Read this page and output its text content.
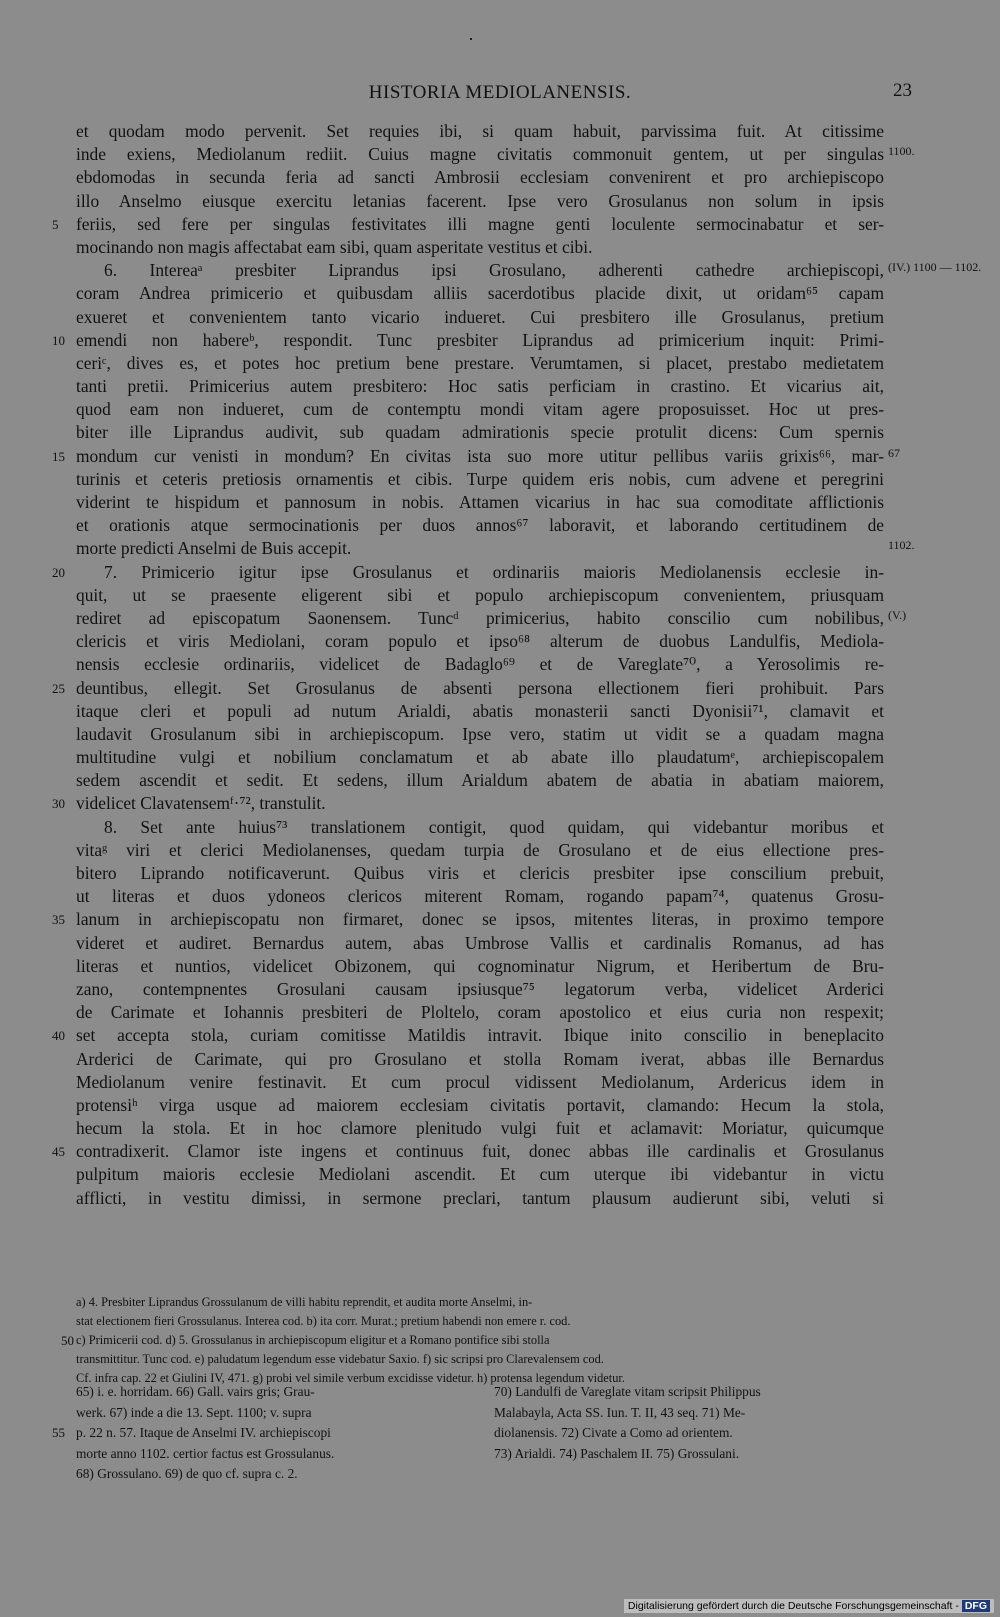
HISTORIA MEDIOLANENSIS.	23
et quodam modo pervenit. Set requies ibi, si quam habuit, parvissima fuit. At citissime
inde exiens, Mediolanum rediit. Cuius magne civitatis commonuit gentem, ut per singulas 1100.
ebdomodas in secunda feria ad sancti Ambrosii ecclesiam convenirent et pro archiepiscopo
illo Anselmo eiusque exercitu letanias facerent. Ipse vero Grosulanus non solum in ipsis
5	feriis, sed fere per singulas festivitates illi magne genti loculente sermocinabatur et ser-
mocinando non magis affectabat eam sibi, quam asperitate vestitus et cibi.
6. Intereaᵃ presbiter Liprandus ipsi Grosulano, adherenti cathedre archiepiscopi, (IV.) 1100 — 1102.
coram Andrea primicerio et quibusdam alliis sacerdotibus placide dixit, ut oridam⁶⁵ capam
exueret et convenientem tanto vicario indueret. Cui presbitero ille Grosulanus, pretium
10 emendi non habereᵇ, respondit. Tunc presbiter Liprandus ad primicerium inquit: Primi-
ceriᶜ, dives es, et potes hoc pretium bene prestare. Verumtamen, si placet, prestabo medietatem
tanti pretii. Primicerius autem presbitero: Hoc satis perficiam in crastino. Et vicarius ait,
quod eam non indueret, cum de contemptu mondi vitam agere proposuisset. Hoc ut pres-
biter ille Liprandus audivit, sub quadam admirationis specie protulit dicens: Cum spernis
15 mondum cur venisti in mondum? En civitas ista suo more utitur pellibus variis grixis⁶⁶, mar- 67
turinis et ceteris pretiosis ornamentis et cibis. Turpe quidem eris nobis, cum advene et peregrini
viderint te hispidum et pannosum in nobis. Attamen vicarius in hac sua comoditate afflictionis
et orationis atque sermocinationis per duos annos⁶⁷ laboravit, et laborando certitudinem de
morte predicti Anselmi de Buis accepit.	1102.
20	7. Primicerio igitur ipse Grosulanus et ordinariis maioris Mediolanensis ecclesie in-
quit, ut se praesente eligerent sibi et populo archiepiscopum convenientem, priusquam
rediret ad episcopatum Saonensem. Tuncᵈ primicerius, habito conscilio cum nobilibus, (V.)
clericis et viris Mediolani, coram populo et ipso⁶⁸ alterum de duobus Landulfis, Mediola-
nensis ecclesie ordinariis, videlicet de Badaglo⁶⁹ et de Vareglate⁷⁰, a Yerosolimis re-
25 deuntibus, ellegit. Set Grosulanus de absenti persona ellectionem fieri prohibuit. Pars
itaque cleri et populi ad nutum Arialdi, abatis monasterii sancti Dyonisii⁷¹, clamavit et
laudavit Grosulanum sibi in archiepiscopum. Ipse vero, statim ut vidit se a quadam magna
multitudine vulgi et nobilium conclamatum et ab abate illo plaudatumᵉ, archiepiscopalem
sedem ascendit et sedit. Et sedens, illum Arialdum abatem de abatia in abatiam maiorem,
30 videlicet Clavatensemᶠ·⁷², transtulit.
8. Set ante huius⁷³ translationem contigit, quod quidam, qui videbantur moribus et
vitaᵍ viri et clerici Mediolanenses, quedam turpia de Grosulano et de eius ellectione pres-
bitero Liprando notificaverunt. Quibus viris et clericis presbiter ipse conscilium prebuit,
ut literas et duos ydoneos clericos miterent Romam, rogando papam⁷⁴, quatenus Grosu-
35 lanum in archiepiscopatu non firmaret, donec se ipsos, mitentes literas, in proximo tempore
videret et audiret. Bernardus autem, abas Umbrose Vallis et cardinalis Romanus, ad has
literas et nuntios, videlicet Obizonem, qui cognominatur Nigrum, et Heribertum de Bru-
zano, contempnentes Grosulani causam ipsiusque⁷⁵ legatorum verba, videlicet Arderici
de Carimate et Iohannis presbiteri de Ploltelo, coram apostolico et eius curia non respexit;
40 set accepta stola, curiam comitisse Matildis intravit. Ibique inito conscilio in beneplacito
Arderici de Carimate, qui pro Grosulano et stolla Romam iverat, abbas ille Bernardus
Mediolanum venire festinavit. Et cum procul vidissent Mediolanum, Ardericus idem in
protensiʰ virga usque ad maiorem ecclesiam civitatis portavit, clamando: Hecum la stola,
hecum la stola. Et in hoc clamore plenitudo vulgi fuit et aclamavit: Moriatur, quicumque
45 contradixerit. Clamor iste ingens et continuus fuit, donec abbas ille cardinalis et Grosulanus
pulpitum maioris ecclesie Mediolani ascendit. Et cum uterque ibi videbantur in victu
afflicti, in vestitu dimissi, in sermone preclari, tantum plausum audierunt sibi, veluti si
a) 4. Presbiter Liprandus Grossulanum de villi habitu reprendit, et audita morte Anselmi, in-
stat electionem fieri Grossulanus. Interea cod. b) ita corr. Murat.; pretium habendi non emere r. cod.
50 c) Primicerii cod. d) 5. Grossulanus in archiepiscopum eligitur et a Romano pontifice sibi stolla
transmittitur. Tunc cod. e) paludatum legendum esse videbatur Saxio. f) sic scripsi pro Clarevalensem cod.
Cf. infra cap. 22 et Giulini IV, 471. g) probi vel simile verbum excidisse videtur. h) protensa legendum videtur.
65) i. e. horridam. 66) Gall. vairs gris; Grau-
werk. 67) inde a die 13. Sept. 1100; v. supra
55 p. 22 n. 57. Itaque de Anselmi IV. archiepiscopi
morte anno 1102. certior factus est Grossulanus.
68) Grossulano. 69) de quo cf. supra c. 2.
70) Landulfi de Vareglate vitam scripsit Philippus
Malabayla, Acta SS. Iun. T. II, 43 seq. 71) Me-
diolanensis. 72) Civate a Como ad orientem.
73) Arialdi. 74) Paschalem II. 75) Grossulani.
Digitalisierung gefördert durch die Deutsche Forschungsgemeinschaft - DFG
